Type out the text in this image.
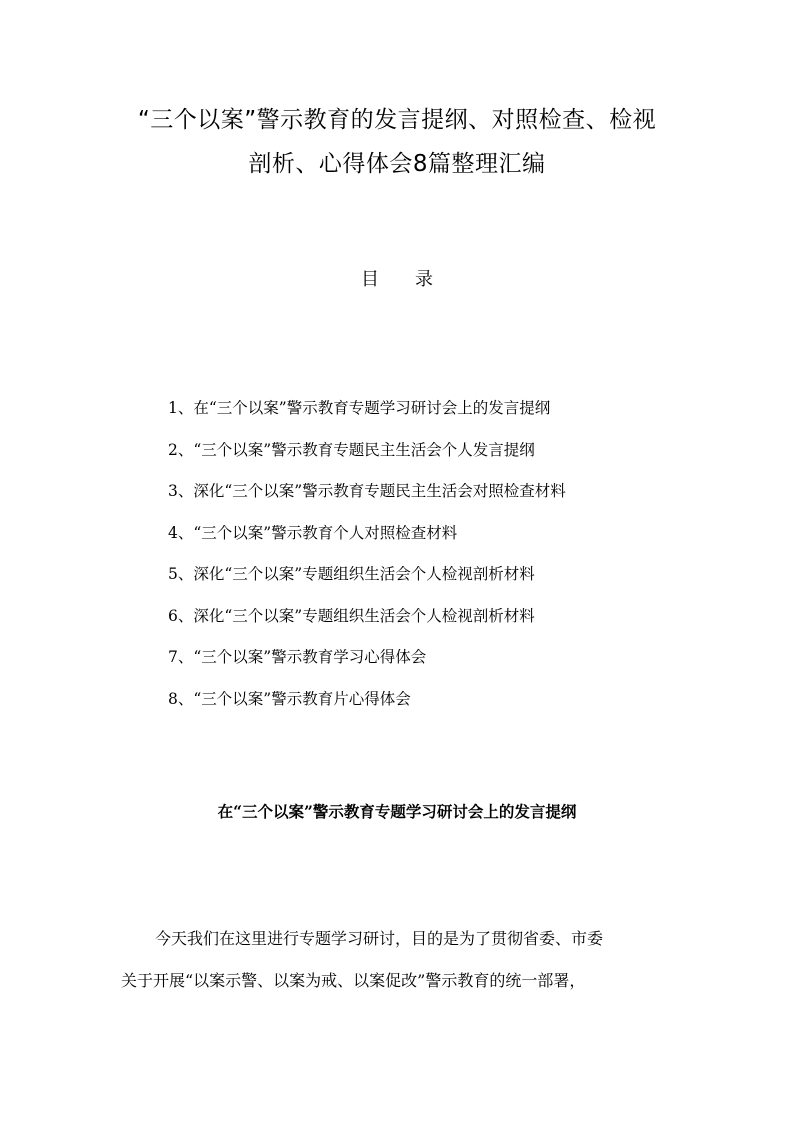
“三个以案”警示教育的发言提纲、对照检查、检视
剖析、心得体会8篇整理汇编
目 录
1、在“三个以案”警示教育专题学习研讨会上的发言提纲
2、“三个以案”警示教育专题民主生活会个人发言提纲
3、深化“三个以案”警示教育专题民主生活会对照检查材料
4、“三个以案”警示教育个人对照检查材料
5、深化“三个以案”专题组织生活会个人检视剖析材料
6、深化“三个以案”专题组织生活会个人检视剖析材料
7、“三个以案”警示教育学习心得体会
8、“三个以案”警示教育片心得体会
在“三个以案”警示教育专题学习研讨会上的发言提纲

今天我们在这里进行专题学习研讨，目的是为了贯彻省委、市委
关于开展“以案示警、以案为戒、以案促改”警示教育的统一部署，
